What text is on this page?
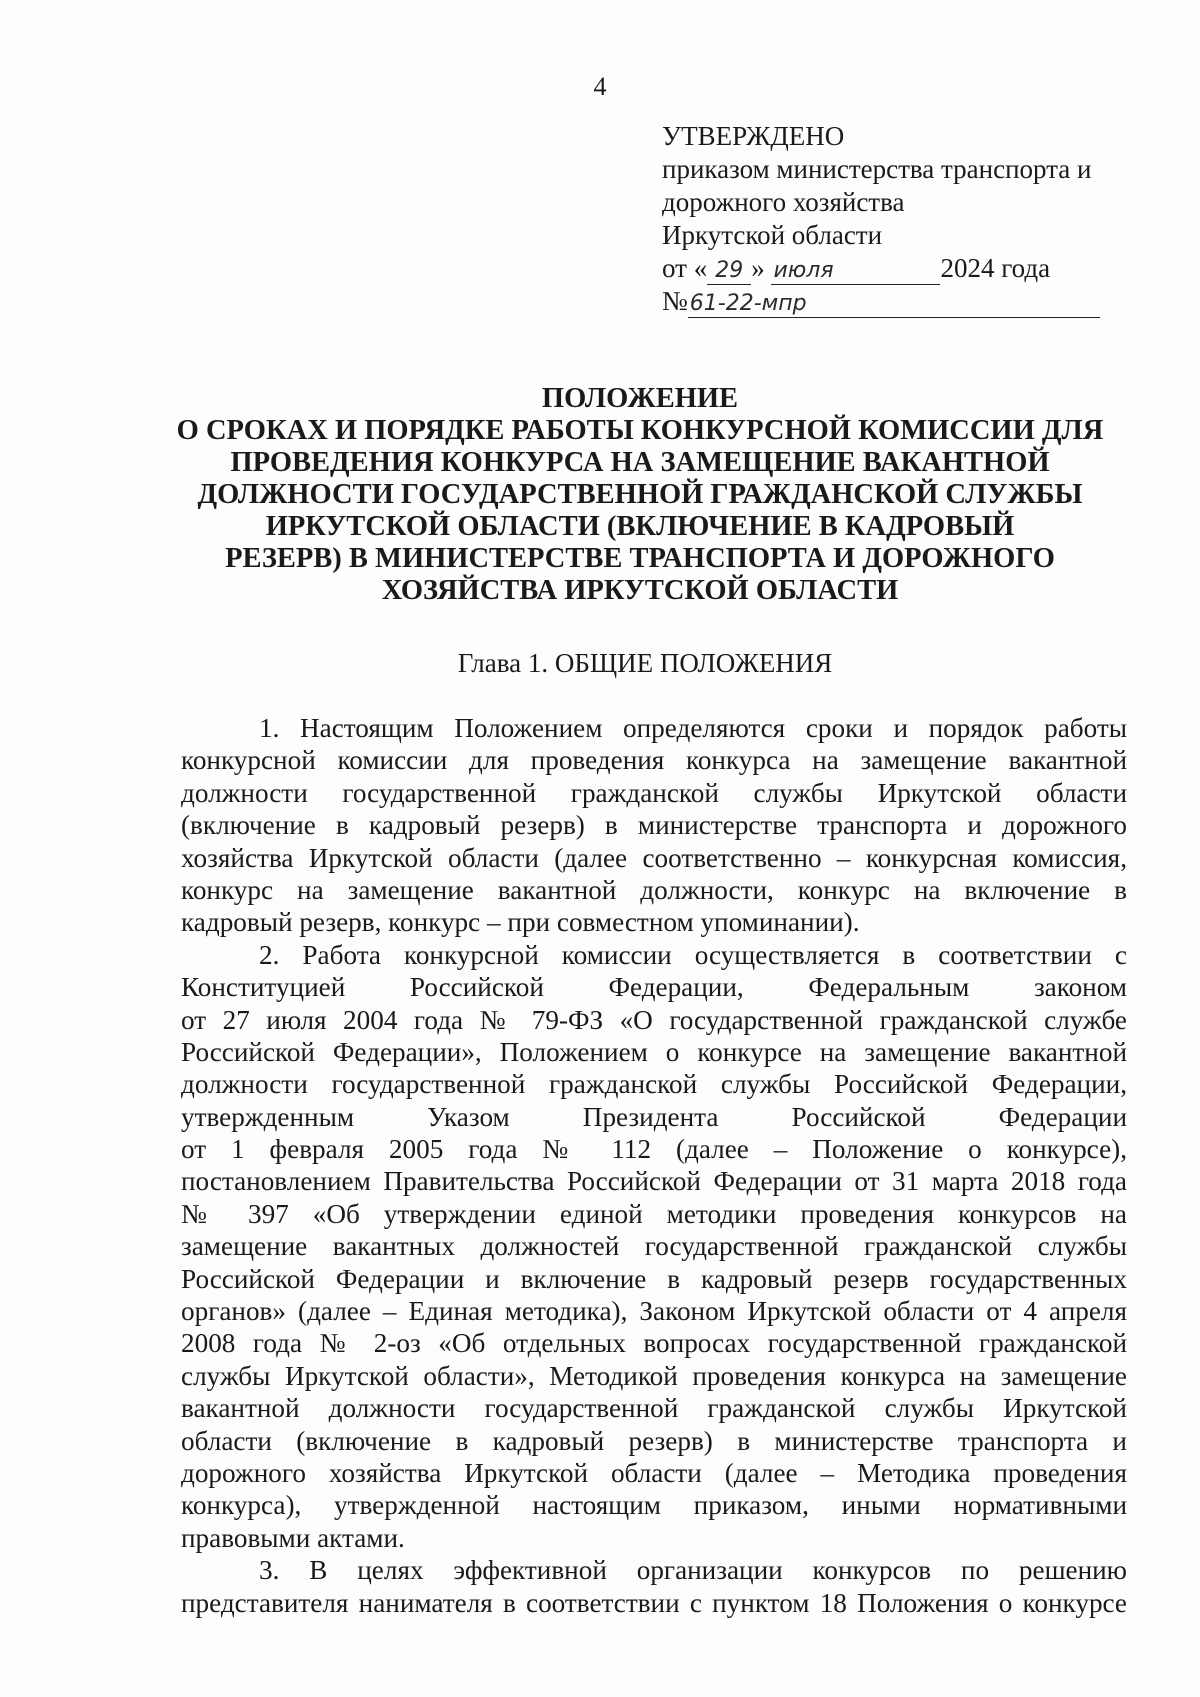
4
УТВЕРЖДЕНО
приказом министерства транспорта и
дорожного хозяйства
Иркутской области
от « 29 » июля	2024 года
№61-22-мпр
ПОЛОЖЕНИЕ
О СРОКАХ И ПОРЯДКЕ РАБОТЫ КОНКУРСНОЙ КОМИССИИ ДЛЯ
ПРОВЕДЕНИЯ КОНКУРСА НА ЗАМЕЩЕНИЕ ВАКАНТНОЙ
ДОЛЖНОСТИ ГОСУДАРСТВЕННОЙ ГРАЖДАНСКОЙ СЛУЖБЫ
ИРКУТСКОЙ ОБЛАСТИ (ВКЛЮЧЕНИЕ В КАДРОВЫЙ
РЕЗЕРВ) В МИНИСТЕРСТВЕ ТРАНСПОРТА И ДОРОЖНОГО
ХОЗЯЙСТВА ИРКУТСКОЙ ОБЛАСТИ
Глава 1. ОБЩИЕ ПОЛОЖЕНИЯ
1. Настоящим Положением определяются сроки и порядок работы
конкурсной комиссии для проведения конкурса на замещение вакантной
должности государственной гражданской службы Иркутской области
(включение в кадровый резерв) в министерстве транспорта и дорожного
хозяйства Иркутской области (далее соответственно – конкурсная комиссия,
конкурс на замещение вакантной должности, конкурс на включение в
кадровый резерв, конкурс – при совместном упоминании).
2. Работа конкурсной комиссии осуществляется в соответствии с
Конституцией Российской Федерации, Федеральным законом
от 27 июля 2004 года № 79-ФЗ «О государственной гражданской службе
Российской Федерации», Положением о конкурсе на замещение вакантной
должности государственной гражданской службы Российской Федерации,
утвержденным Указом Президента Российской Федерации
от 1 февраля 2005 года № 112 (далее – Положение о конкурсе),
постановлением Правительства Российской Федерации от 31 марта 2018 года
№ 397 «Об утверждении единой методики проведения конкурсов на
замещение вакантных должностей государственной гражданской службы
Российской Федерации и включение в кадровый резерв государственных
органов» (далее – Единая методика), Законом Иркутской области от 4 апреля
2008 года № 2-оз «Об отдельных вопросах государственной гражданской
службы Иркутской области», Методикой проведения конкурса на замещение
вакантной должности государственной гражданской службы Иркутской
области (включение в кадровый резерв) в министерстве транспорта и
дорожного хозяйства Иркутской области (далее – Методика проведения
конкурса), утвержденной настоящим приказом, иными нормативными
правовыми актами.
3. В целях эффективной организации конкурсов по решению
представителя нанимателя в соответствии с пунктом 18 Положения о конкурсе
